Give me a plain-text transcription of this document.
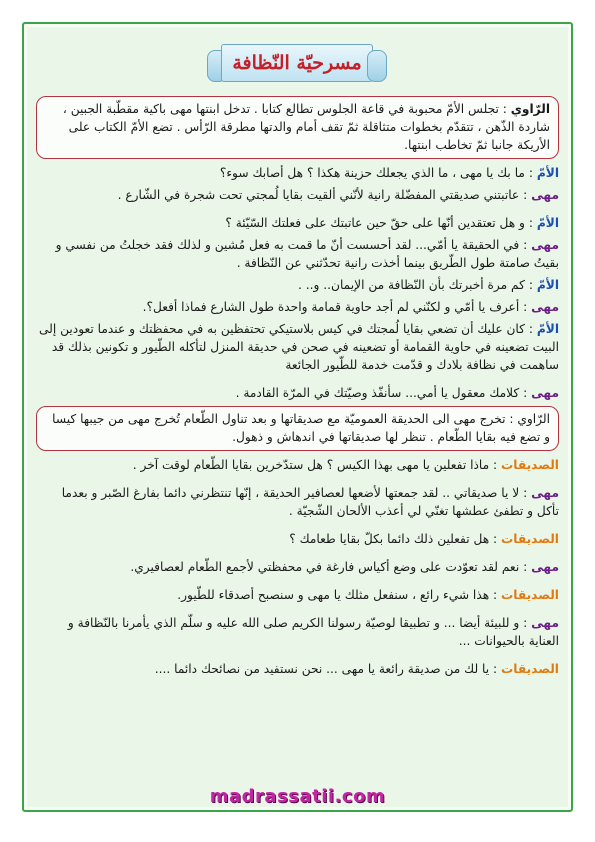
مسرحيّة النّظافة
الرّاوي : تجلس الأمّ محبوبة في قاعة الجلوس تطالع كتابا . تدخل ابنتها مهى باكية مقطّبة الجبين ، شاردة الذّهن ، تتقدّم بخطوات متثاقلة ثمّ تقف أمام والدتها مطرقة الرّأس . تضع الأمّ الكتاب على الأريكة جانبا ثمّ تخاطب ابنتها.
الأمّ : ما بك يا مهى ، ما الذي يجعلك حزينة هكذا ؟ هل أصابك سوء؟
مهى : عاتبتني صديقتي المفضّلة رانية لأنّني ألقيت بقايا لُمجتي تحت شجرة في الشّارع .
الأمّ : و هل تعتقدين أنّها على حقّ حين عاتبتك على فعلتك السّيّئة ؟
مهى : في الحقيقة يا أمّي... لقد أحسست أنّ ما قمت به فعل مُشين و لذلك فقد خجلتُ من نفسي و بقيتُ صامتة طول الطّريق بينما أخذت رانية تحدّثني عن النّظافة .
الأمّ : كم مرة أخبرتك بأن النّظافة من الإيمان.. و.. .
مهى : أعرف يا أمّي و لكنّني لم أجد حاوية قمامة واحدة طول الشارع فماذا أفعل؟.
الأمّ : كان عليك أن تضعي بقايا لُمجتك في كيس بلاستيكي تحتفظين به في محفظتك و عندما تعودين إلى البيت تضعينه في حاوية القمامة أو تضعينه في صحن في حديقة المنزل لتأكله الطّيور و تكونين بذلك قد ساهمت في نظافة بلادك و قدّمت خدمة للطّيور الجائعة
مهى : كلامك معقول يا أمي... سأنفّذ وصيّتك في المرّة القادمة .
الرّاوي : تخرج مهى الى الحديقة العموميّة مع صديقاتها و بعد تناول الطّعام تُخرج مهى من جيبها كيسا و تضع فيه بقايا الطّعام . تنظر لها صديقاتها في اندهاش و ذهول.
الصديقات : ماذا تفعلين يا مهى بهذا الكيس ؟ هل ستدّخرين بقايا الطّعام لوقت آخر .
مهى : لا يا صديقاتي .. لقد جمعتها لأضعها لعصافير الحديقة ، إنّها تنتظرني دائما بفارغ الصّبر و بعدما تأكل و تطفئ عطشها تغنّي لي أعذب الألحان الشّجيّة .
الصديقات : هل تفعلين ذلك دائما بكلّ بقايا طعامك ؟
مهى : نعم لقد تعوّدت على وضع أكياس فارغة في محفظتي لأجمع الطّعام لعصافيري.
الصديقات : هذا شيء رائع ، سنفعل مثلك يا مهى و سنصبح أصدقاء للطّيور.
مهى : و للبيئة أيضا ... و تطبيقا لوصيّة رسولنا الكريم صلى الله عليه و سلّم الذي يأمرنا بالنّظافة و العناية بالحيوانات ...
الصديقات : يا لك من صديقة رائعة يا مهى ... نحن نستفيد من نصائحك دائما ....
madrassatii.com
